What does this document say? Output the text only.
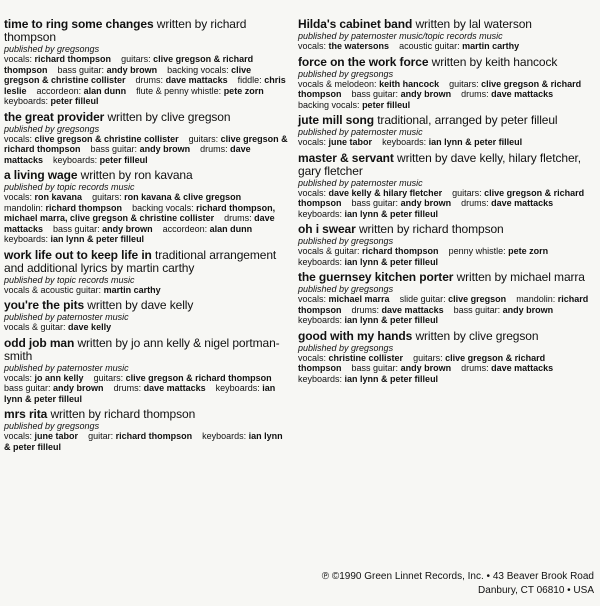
time to ring some changes written by richard thompson
published by gregsongs
vocals: richard thompson guitars: clive gregson & richard thompson bass guitar: andy brown backing vocals: clive gregson & christine collister drums: dave mattacks fiddle: chris leslie accordeon: alan dunn flute & penny whistle: pete zorn    keyboards: peter filleul
the great provider written by clive gregson
published by gregsongs
vocals: clive gregson & christine collister guitars: clive gregson & richard thompson bass guitar: andy brown drums: dave mattacks keyboards: peter filleul
a living wage written by ron kavana
published by topic records music
vocals: ron kavana guitars: ron kavana & clive gregson    mandolin: richard thompson backing vocals: richard thompson, michael marra, clive gregson & christine collister drums: dave mattacks bass guitar: andy brown accordeon: alan dunn    keyboards: ian lynn & peter filleul
work life out to keep life in traditional arrangement and additional lyrics by martin carthy
published by topic records music
vocals & acoustic guitar: martin carthy
you're the pits written by dave kelly
published by paternoster music
vocals & guitar: dave kelly
odd job man written by jo ann kelly & nigel portman-smith
published by paternoster music
vocals: jo ann kelly guitars: clive gregson & richard thompson    bass guitar: andy brown drums: dave mattacks keyboards: ian lynn & peter filleul
mrs rita written by richard thompson
published by gregsongs
vocals: june tabor guitar: richard thompson keyboards: ian lynn & peter filleul
Hilda's cabinet band written by lal waterson
published by paternoster music/topic records music
vocals: the watersons acoustic guitar: martin carthy
force on the work force written by keith hancock
published by gregsongs
vocals & melodeon: keith hancock guitars: clive gregson & richard thompson bass guitar: andy brown drums: dave mattacks    backing vocals: peter filleul
jute mill song traditional, arranged by peter filleul
published by paternoster music
vocals: june tabor keyboards: ian lynn & peter filleul
master & servant written by dave kelly, hilary fletcher, gary fletcher
published by paternoster music
vocals: dave kelly & hilary fletcher guitars: clive gregson & richard thompson bass guitar: andy brown drums: dave mattacks    keyboards: ian lynn & peter filleul
oh i swear written by richard thompson
published by gregsongs
vocals & guitar: richard thompson penny whistle: pete zorn    keyboards: ian lynn & peter filleul
the guernsey kitchen porter written by michael marra
published by gregsongs
vocals: michael marra slide guitar: clive gregson mandolin: richard thompson drums: dave mattacks bass guitar: andy brown    keyboards: ian lynn & peter filleul
good with my hands written by clive gregson
published by gregsongs
vocals: christine collister guitars: clive gregson & richard thompson bass guitar: andy brown drums: dave mattacks    keyboards: ian lynn & peter filleul
℗ ©1990 Green Linnet Records, Inc. • 43 Beaver Brook Road
Danbury, CT 06810 • USA
